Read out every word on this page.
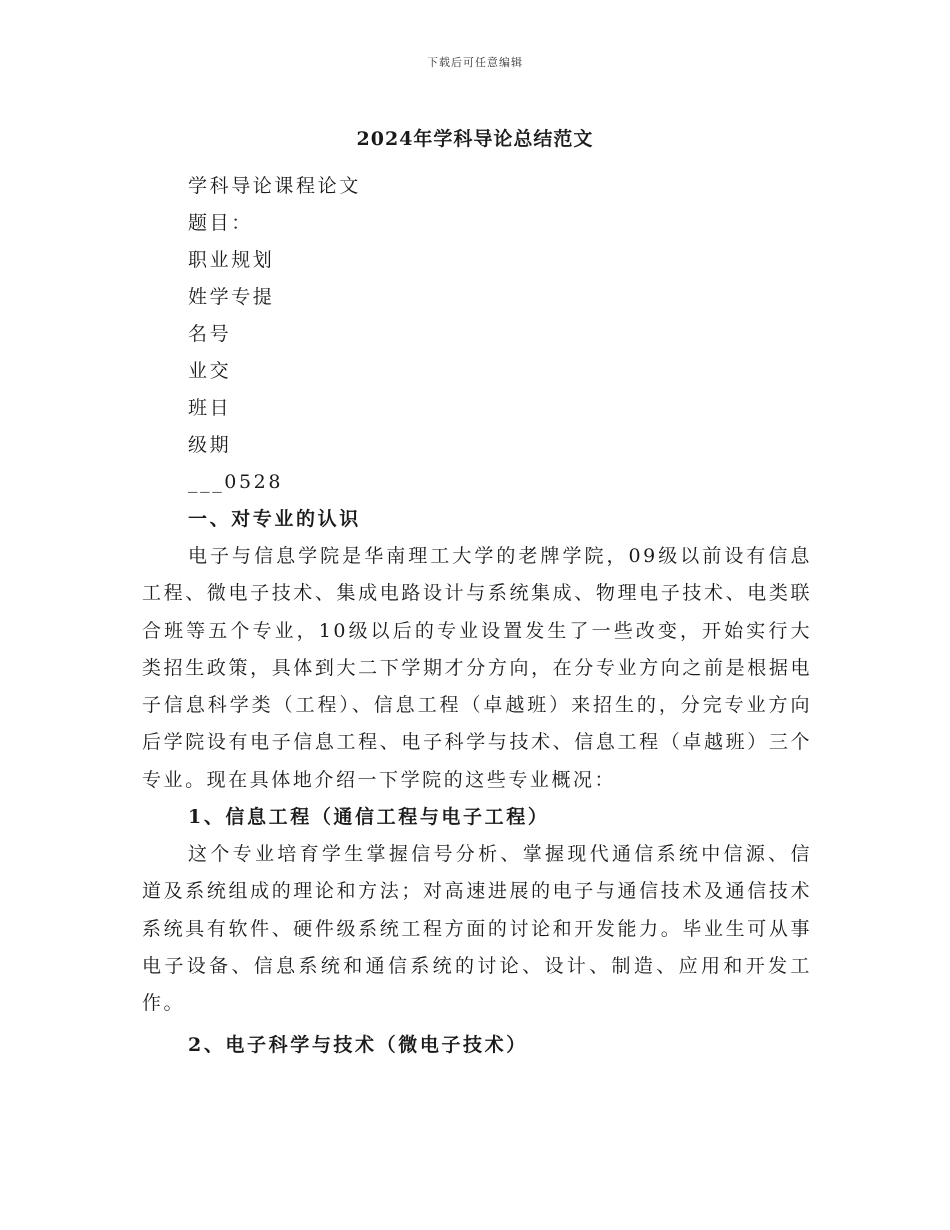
下载后可任意编辑
2024年学科导论总结范文
学科导论课程论文
题目：
职业规划
姓学专提
名号
业交
班日
级期
___0528
一、对专业的认识

电子与信息学院是华南理工大学的老牌学院，09级以前设有信息工程、微电子技术、集成电路设计与系统集成、物理电子技术、电类联合班等五个专业，10级以后的专业设置发生了一些改变，开始实行大类招生政策，具体到大二下学期才分方向，在分专业方向之前是根据电子信息科学类（工程）、信息工程（卓越班）来招生的，分完专业方向后学院设有电子信息工程、电子科学与技术、信息工程（卓越班）三个专业。现在具体地介绍一下学院的这些专业概况：

1、信息工程（通信工程与电子工程）

这个专业培育学生掌握信号分析、掌握现代通信系统中信源、信道及系统组成的理论和方法；对高速进展的电子与通信技术及通信技术系统具有软件、硬件级系统工程方面的讨论和开发能力。毕业生可从事电子设备、信息系统和通信系统的讨论、设计、制造、应用和开发工作。

2、电子科学与技术（微电子技术）
